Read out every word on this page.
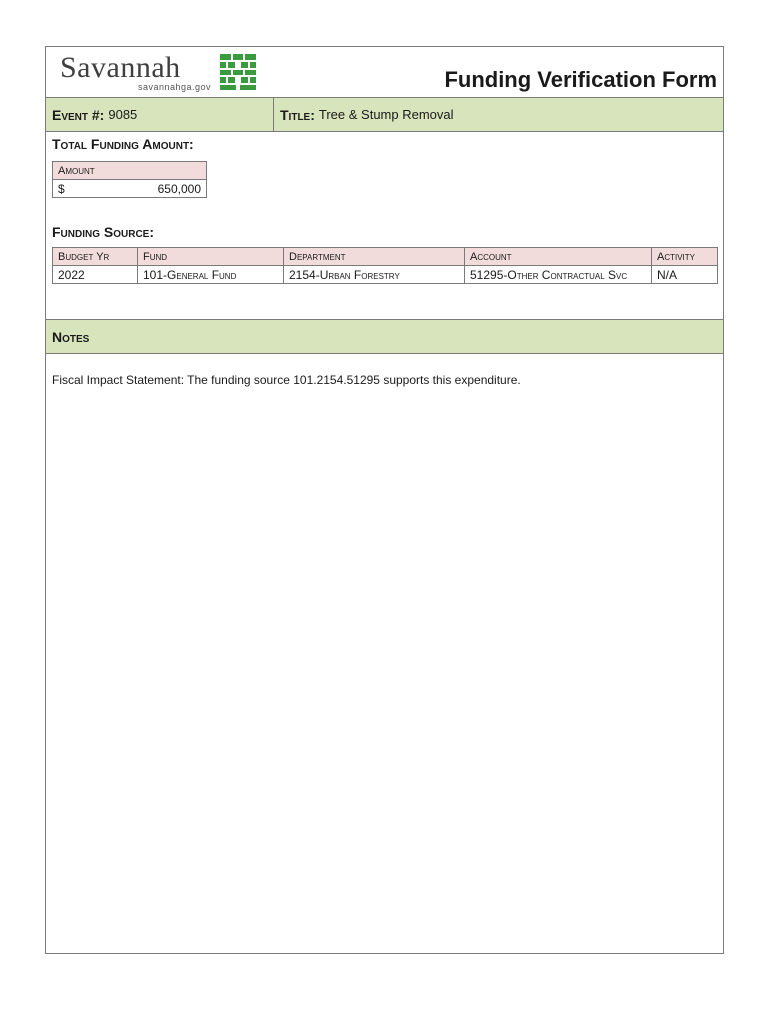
Savannah
savannahga.gov	Funding Verification Form
Event #: 9085	Title: Tree & Stump Removal
Total Funding Amount:
Amount

$	650,000
Funding Source:
Budget Yr	Fund	Department	Account	Activity
2022	101-General Fund	2154-Urban Forestry	51295-Other Contractual Svc	N/A
Notes
Fiscal Impact Statement: The funding source 101.2154.51295 supports this expenditure.
